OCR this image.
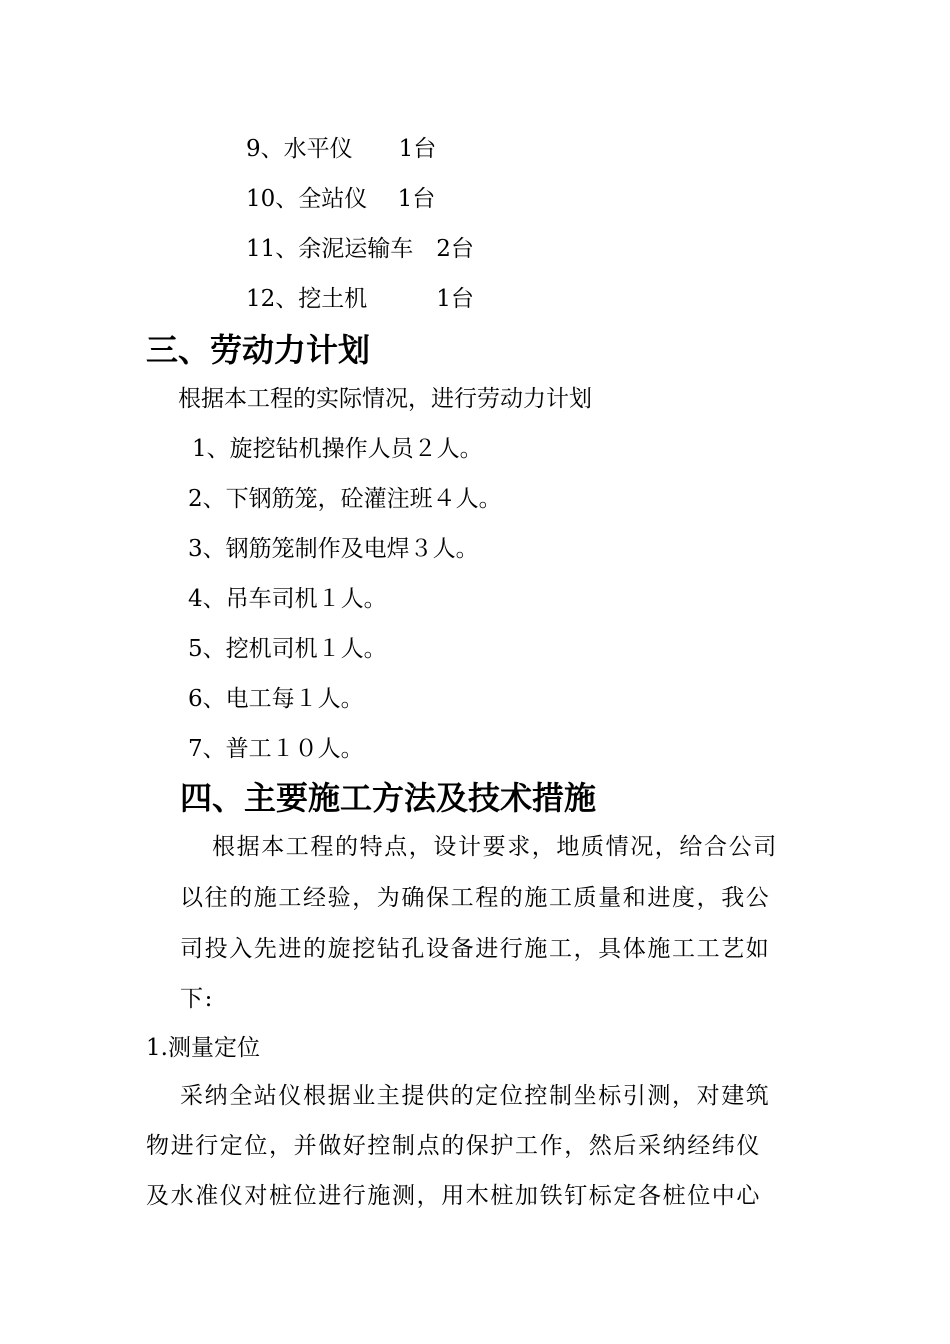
9、水平仪　　1台
10、全站仪　 1台
11、余泥运输车　2台
12、挖土机　　　1台
三、劳动力计划
根据本工程的实际情况，进行劳动力计划
1、旋挖钻机操作人员２人。
2、下钢筋笼，砼灌注班４人。
3、钢筋笼制作及电焊３人。
4、吊车司机１人。
5、挖机司机１人。
6、电工每１人。
7、普工１０人。
四、主要施工方法及技术措施
根据本工程的特点，设计要求，地质情况，给合公司
以往的施工经验，为确保工程的施工质量和进度，我公
司投入先进的旋挖钻孔设备进行施工，具体施工工艺如
下:
1.测量定位
采纳全站仪根据业主提供的定位控制坐标引测，对建筑
物进行定位，并做好控制点的保护工作，然后采纳经纬仪
及水准仪对桩位进行施测，用木桩加铁钉标定各桩位中心
